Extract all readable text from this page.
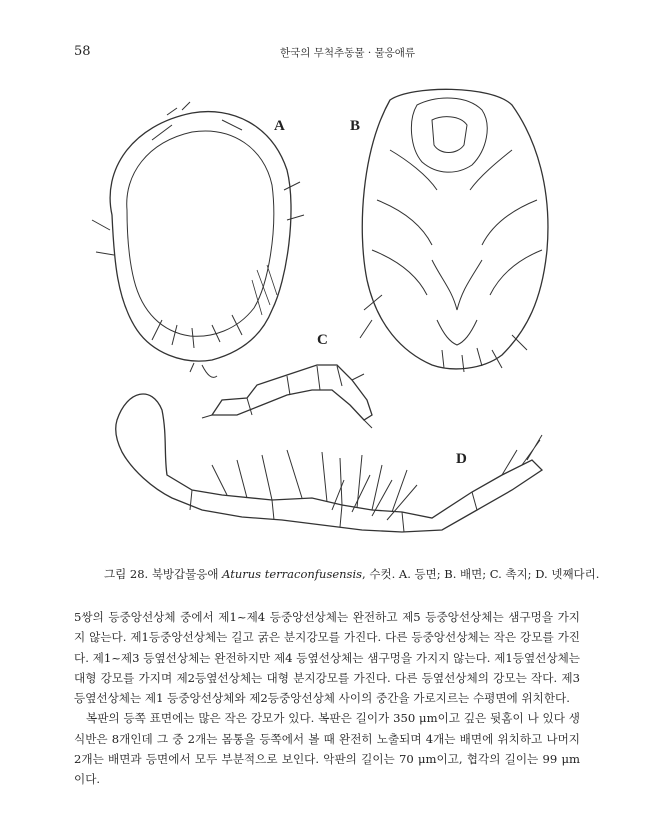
58	한국의 무척추동물 · 물응애류
A	B
C
D
그림 28. 북방갑물응애 Aturus terraconfusensis, 수컷. A. 등면; B. 배면; C. 촉지; D. 넷째다리.

5쌍의 등중앙선상체 중에서 제1~제4 등중앙선상체는 완전하고 제5 등중앙선상체는 샘구멍을 가지지 않는다. 제1등중앙선상체는 길고 굵은 분지강모를 가진다. 다른 등중앙선상체는 작은 강모를 가진다. 제1~제3 등옆선상체는 완전하지만 제4 등옆선상체는 샘구멍을 가지지 않는다. 제1등옆선상체는 대형 강모를 가지며 제2등옆선상체는 대형 분지강모를 가진다. 다른 등옆선상체의 강모는 작다. 제3등옆선상체는 제1 등중앙선상체와 제2등중앙선상체 사이의 중간을 가로지르는 수평면에 위치한다.

복판의 등쪽 표면에는 많은 작은 강모가 있다. 복판은 길이가 350 μm이고 깊은 뒷홈이 나 있다 생식반은 8개인데 그 중 2개는 몸통을 등쪽에서 볼 때 완전히 노출되며 4개는 배면에 위치하고 나머지 2개는 배면과 등면에서 모두 부분적으로 보인다. 악판의 길이는 70 μm이고, 협각의 길이는 99 μm이다.
